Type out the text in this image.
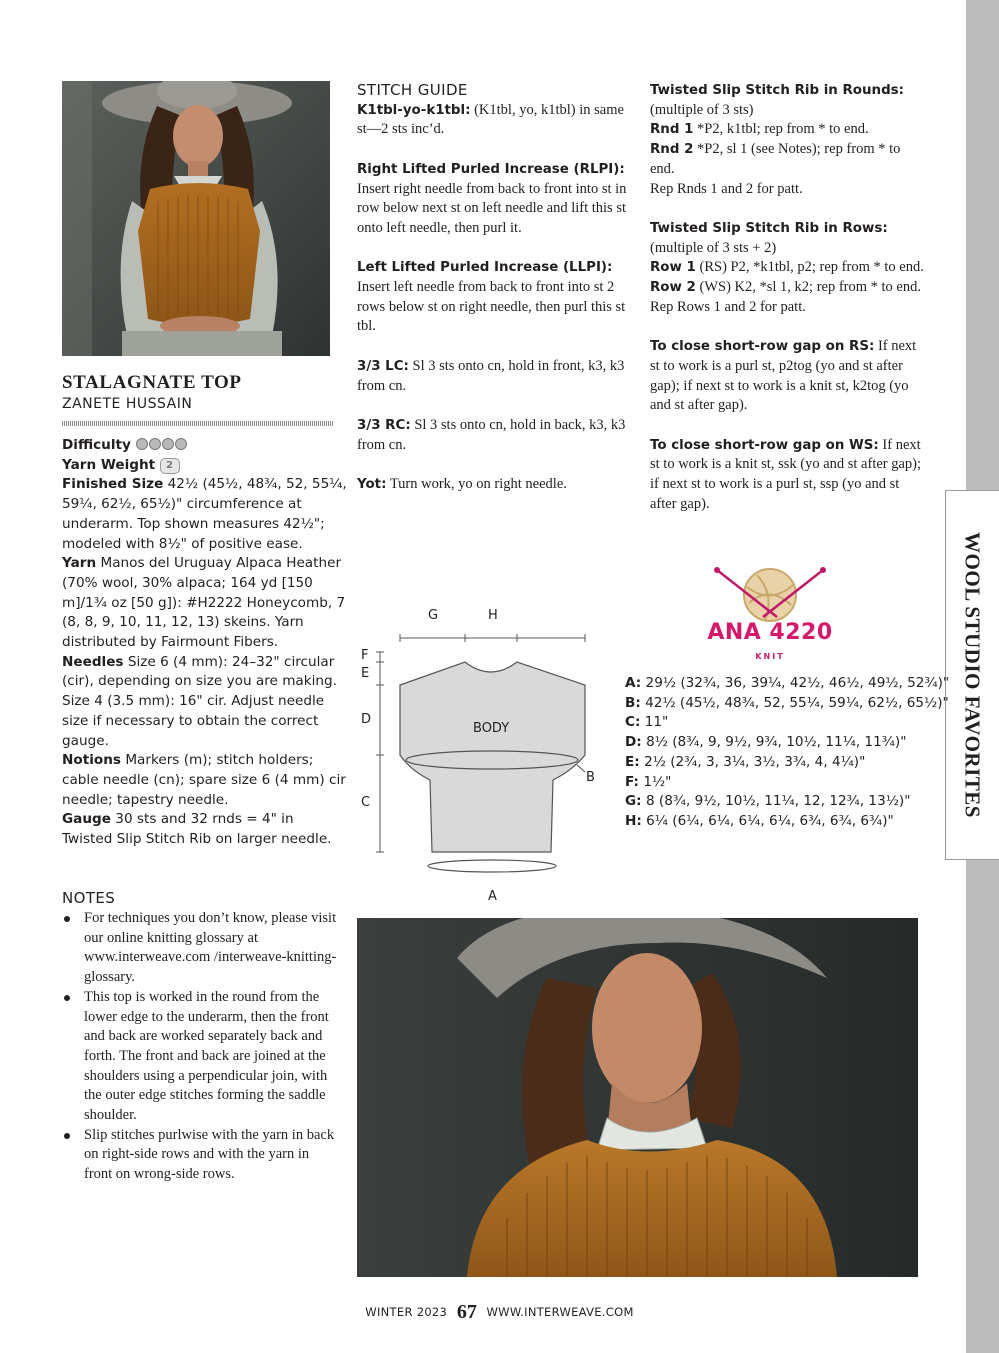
WOOL STUDIO FAVORITES
STALAGNATE TOP
ZANETE HUSSAIN
Difficulty
Yarn Weight 2
Finished Size 42½ (45½, 48¾, 52, 55¼, 59¼, 62½, 65½)" circumference at underarm. Top shown measures 42½"; modeled with 8½" of positive ease.
Yarn Manos del Uruguay Alpaca Heather (70% wool, 30% alpaca; 164 yd [150 m]/1¾ oz [50 g]): #H2222 Honeycomb, 7 (8, 8, 9, 10, 11, 12, 13) skeins. Yarn distributed by Fairmount Fibers.
Needles Size 6 (4 mm): 24–32" circular (cir), depending on size you are making. Size 4 (3.5 mm): 16" cir. Adjust needle size if necessary to obtain the correct gauge.
Notions Markers (m); stitch holders; cable needle (cn); spare size 6 (4 mm) cir needle; tapestry needle.
Gauge 30 sts and 32 rnds = 4" in Twisted Slip Stitch Rib on larger needle.
NOTES
For techniques you don’t know, please visit our online knitting glossary at www.interweave.com /interweave-knitting-glossary.
This top is worked in the round from the lower edge to the underarm, then the front and back are worked separately back and forth. The front and back are joined at the shoulders using a perpendicular join, with the outer edge stitches forming the saddle shoulder.
Slip stitches purlwise with the yarn in back on right-side rows and with the yarn in front on wrong-side rows.
STITCH GUIDE

K1tbl-yo-k1tbl: (K1tbl, yo, k1tbl) in same st—2 sts inc’d.

Right Lifted Purled Increase (RLPI):
Insert right needle from back to front into st in row below next st on left needle and lift this st onto left needle, then purl it.

Left Lifted Purled Increase (LLPI):
Insert left needle from back to front into st 2 rows below st on right needle, then purl this st tbl.

3/3 LC: Sl 3 sts onto cn, hold in front, k3, k3 from cn.

3/3 RC: Sl 3 sts onto cn, hold in back, k3, k3 from cn.

Yot: Turn work, yo on right needle.

Twisted Slip Stitch Rib in Rounds:
(multiple of 3 sts)
Rnd 1 *P2, k1tbl; rep from * to end.
Rnd 2 *P2, sl 1 (see Notes); rep from * to end.
Rep Rnds 1 and 2 for patt.

Twisted Slip Stitch Rib in Rows:
(multiple of 3 sts + 2)
Row 1 (RS) P2, *k1tbl, p2; rep from * to end.
Row 2 (WS) K2, *sl 1, k2; rep from * to end.
Rep Rows 1 and 2 for patt.

To close short-row gap on RS: If next st to work is a purl st, p2tog (yo and st after gap); if next st to work is a knit st, k2tog (yo and st after gap).

To close short-row gap on WS: If next st to work is a knit st, ssk (yo and st after gap); if next st to work is a purl st, ssp (yo and st after gap).

ANA 4220
KNIT
G	H
F
E
D
C
B
A
BODY
A: 29½ (32¾, 36, 39¼, 42½, 46½, 49½, 52¾)"
B: 42½ (45½, 48¾, 52, 55¼, 59¼, 62½, 65½)"
C: 11"
D: 8½ (8¾, 9, 9½, 9¾, 10½, 11¼, 11¾)"
E: 2½ (2¾, 3, 3¼, 3½, 3¾, 4, 4¼)"
F: 1½"
G: 8 (8¾, 9½, 10½, 11¼, 12, 12¾, 13½)"
H: 6¼ (6¼, 6¼, 6¼, 6¼, 6¾, 6¾, 6¾)"
WINTER 2023 67 WWW.INTERWEAVE.COM
